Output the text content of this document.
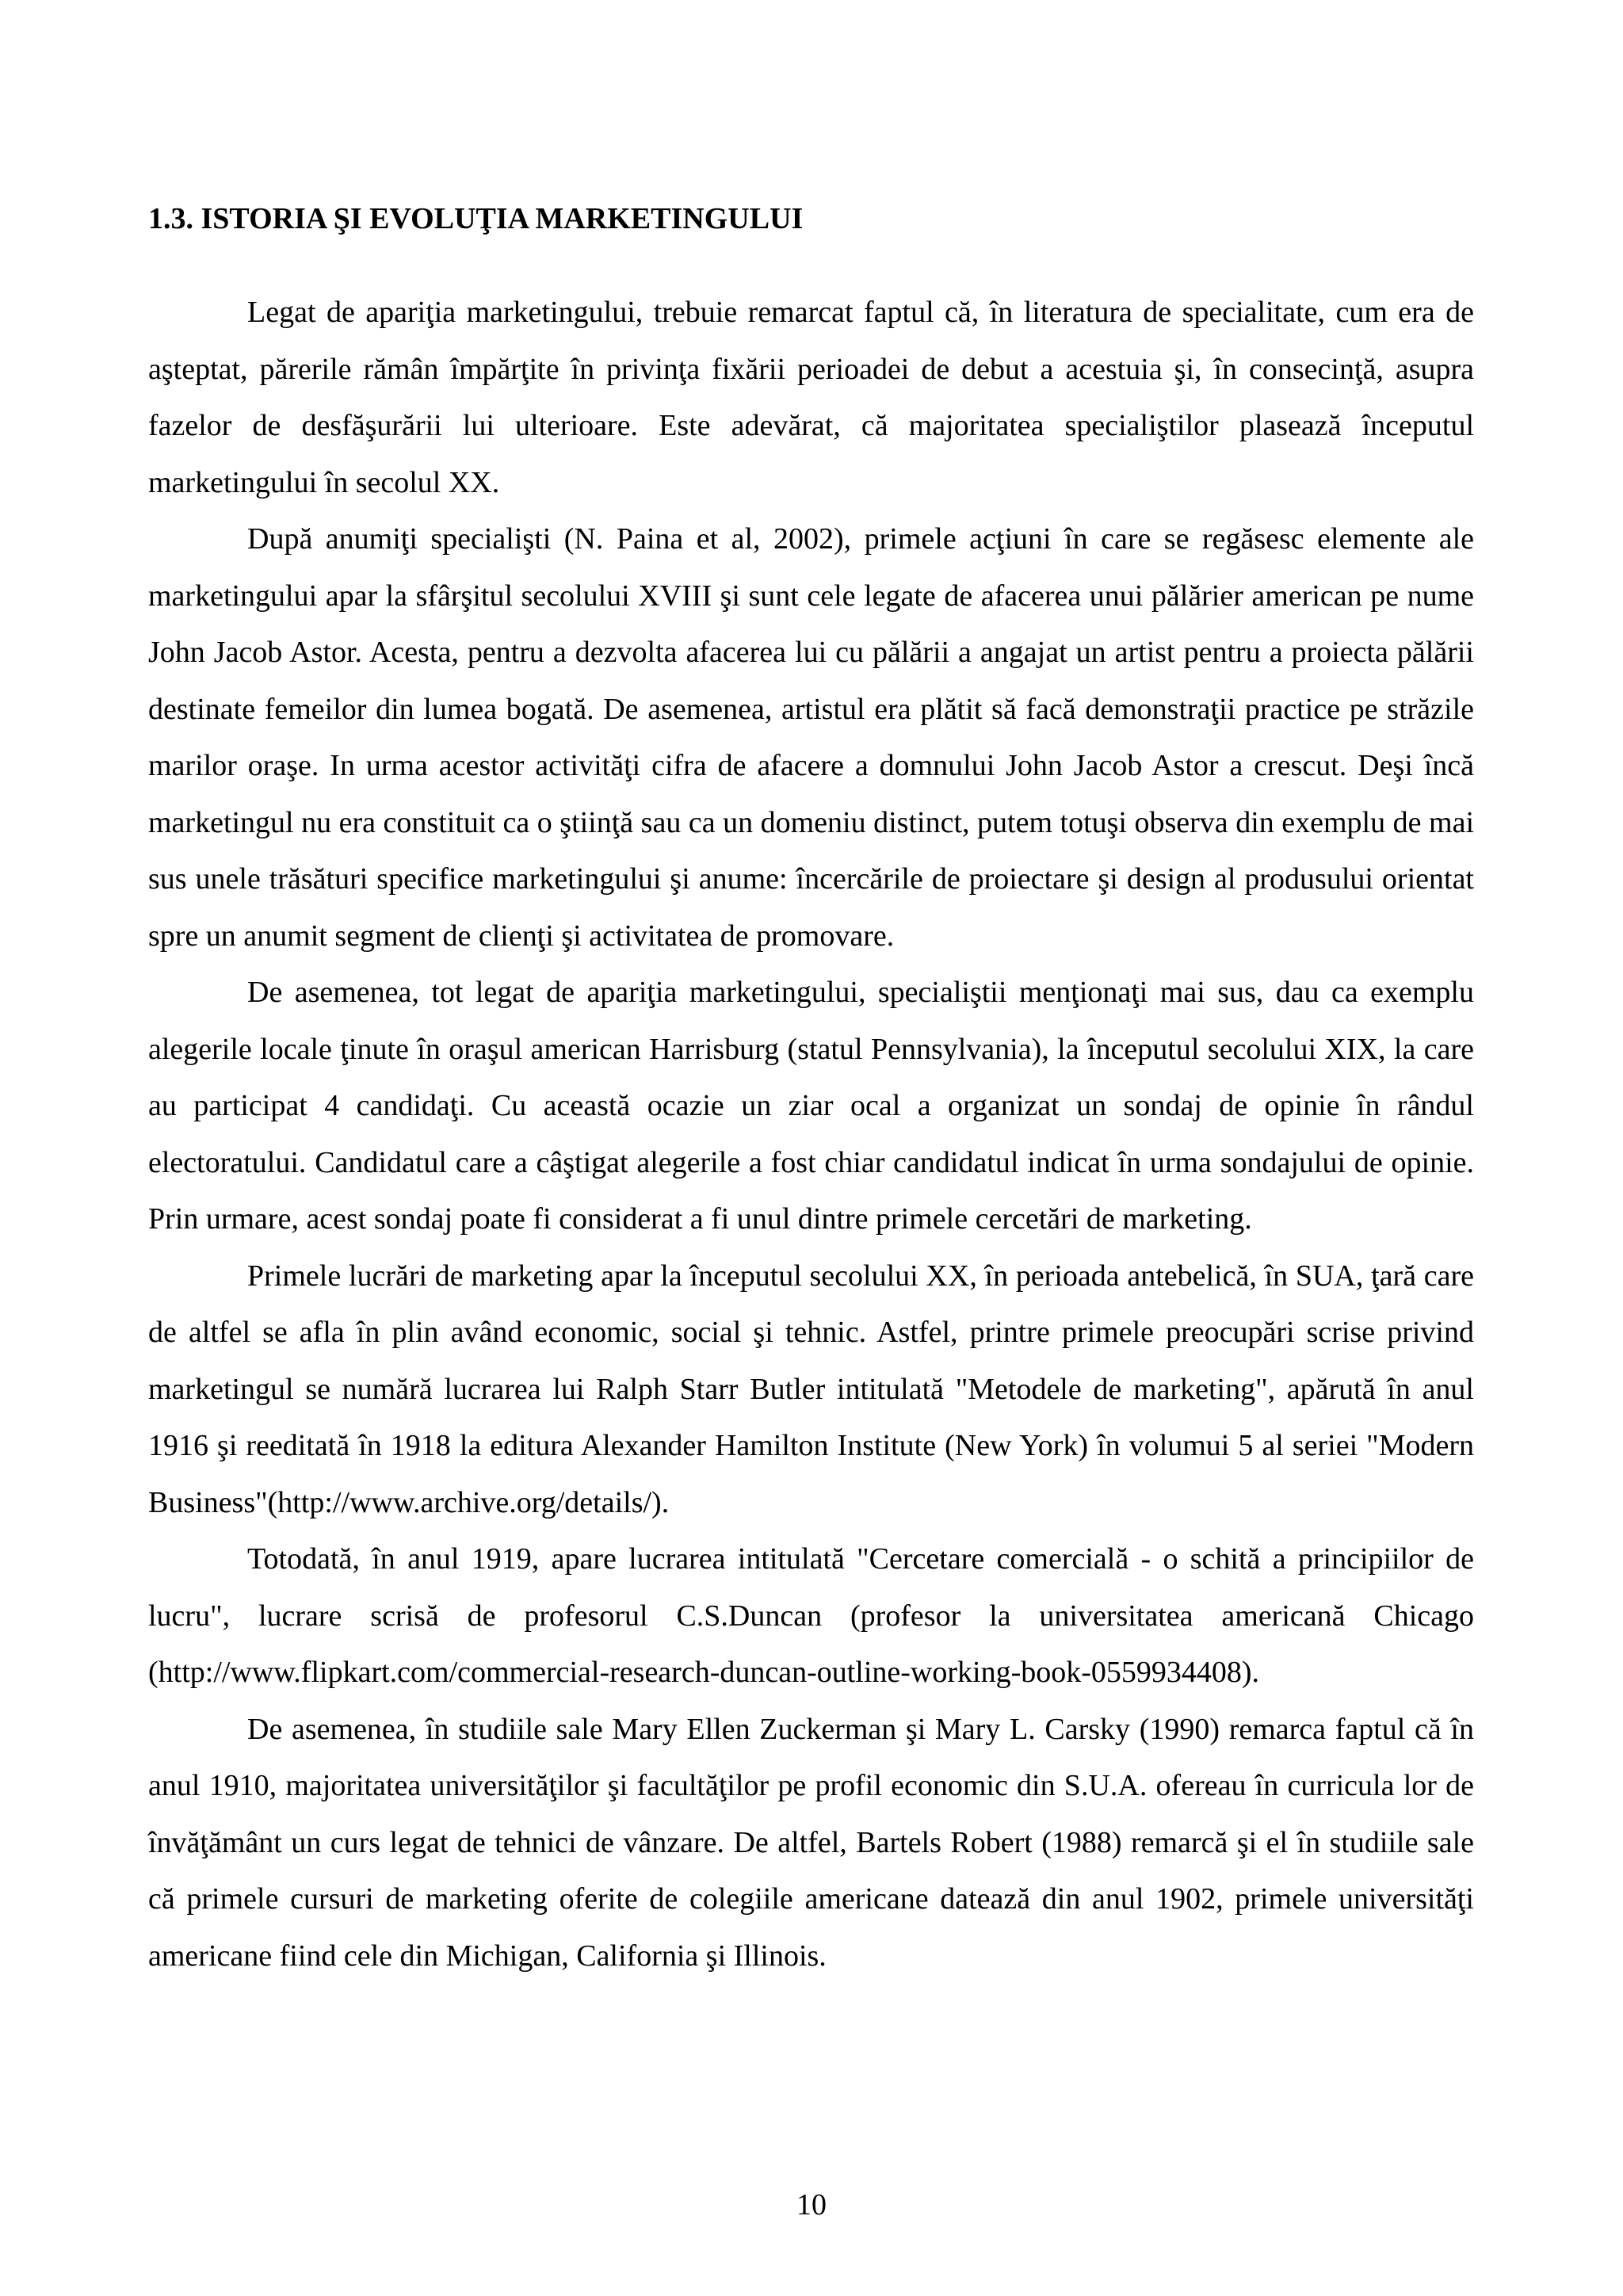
1.3. ISTORIA ŞI EVOLUŢIA MARKETINGULUI

Legat de apariţia marketingului, trebuie remarcat faptul că, în literatura de specialitate, cum era de aşteptat, părerile rămân împărţite în privinţa fixării perioadei de debut a acestuia şi, în consecinţă, asupra fazelor de desfăşurării lui ulterioare. Este adevărat, că majoritatea specialiştilor plasează începutul marketingului în secolul XX.

După anumiţi specialişti (N. Paina et al, 2002), primele acţiuni în care se regăsesc elemente ale marketingului apar la sfârşitul secolului XVIII şi sunt cele legate de afacerea unui pălărier american pe nume John Jacob Astor. Acesta, pentru a dezvolta afacerea lui cu pălării a angajat un artist pentru a proiecta pălării destinate femeilor din lumea bogată. De asemenea, artistul era plătit să facă demonstraţii practice pe străzile marilor oraşe. In urma acestor activităţi cifra de afacere a domnului John Jacob Astor a crescut. Deşi încă marketingul nu era constituit ca o ştiinţă sau ca un domeniu distinct, putem totuşi observa din exemplu de mai sus unele trăsături specifice marketingului şi anume: încercările de proiectare şi design al produsului orientat spre un anumit segment de clienţi şi activitatea de promovare.

De asemenea, tot legat de apariţia marketingului, specialiştii menţionaţi mai sus, dau ca exemplu alegerile locale ţinute în oraşul american Harrisburg (statul Pennsylvania), la începutul secolului XIX, la care au participat 4 candidaţi. Cu această ocazie un ziar ocal a organizat un sondaj de opinie în rândul electoratului. Candidatul care a câştigat alegerile a fost chiar candidatul indicat în urma sondajului de opinie. Prin urmare, acest sondaj poate fi considerat a fi unul dintre primele cercetări de marketing.

Primele lucrări de marketing apar la începutul secolului XX, în perioada antebelică, în SUA, ţară care de altfel se afla în plin având economic, social şi tehnic. Astfel, printre primele preocupări scrise privind marketingul se numără lucrarea lui Ralph Starr Butler intitulată "Metodele de marketing", apărută în anul 1916 şi reeditată în 1918 la editura Alexander Hamilton Institute (New York) în volumui 5 al seriei "Modern Business"(http://www.archive.org/details/).

Totodată, în anul 1919, apare lucrarea intitulată "Cercetare comercială - o schită a principiilor de lucru", lucrare scrisă de profesorul C.S.Duncan (profesor la universitatea americană Chicago (http://www.flipkart.com/commercial-research-duncan-outline-working-book-0559934408).

De asemenea, în studiile sale Mary Ellen Zuckerman şi Mary L. Carsky (1990) remarca faptul că în anul 1910, majoritatea universităţilor şi facultăţilor pe profil economic din S.U.A. ofereau în curricula lor de învăţământ un curs legat de tehnici de vânzare. De altfel, Bartels Robert (1988) remarcă şi el în studiile sale că primele cursuri de marketing oferite de colegiile americane datează din anul 1902, primele universităţi americane fiind cele din Michigan, California şi Illinois.

10
